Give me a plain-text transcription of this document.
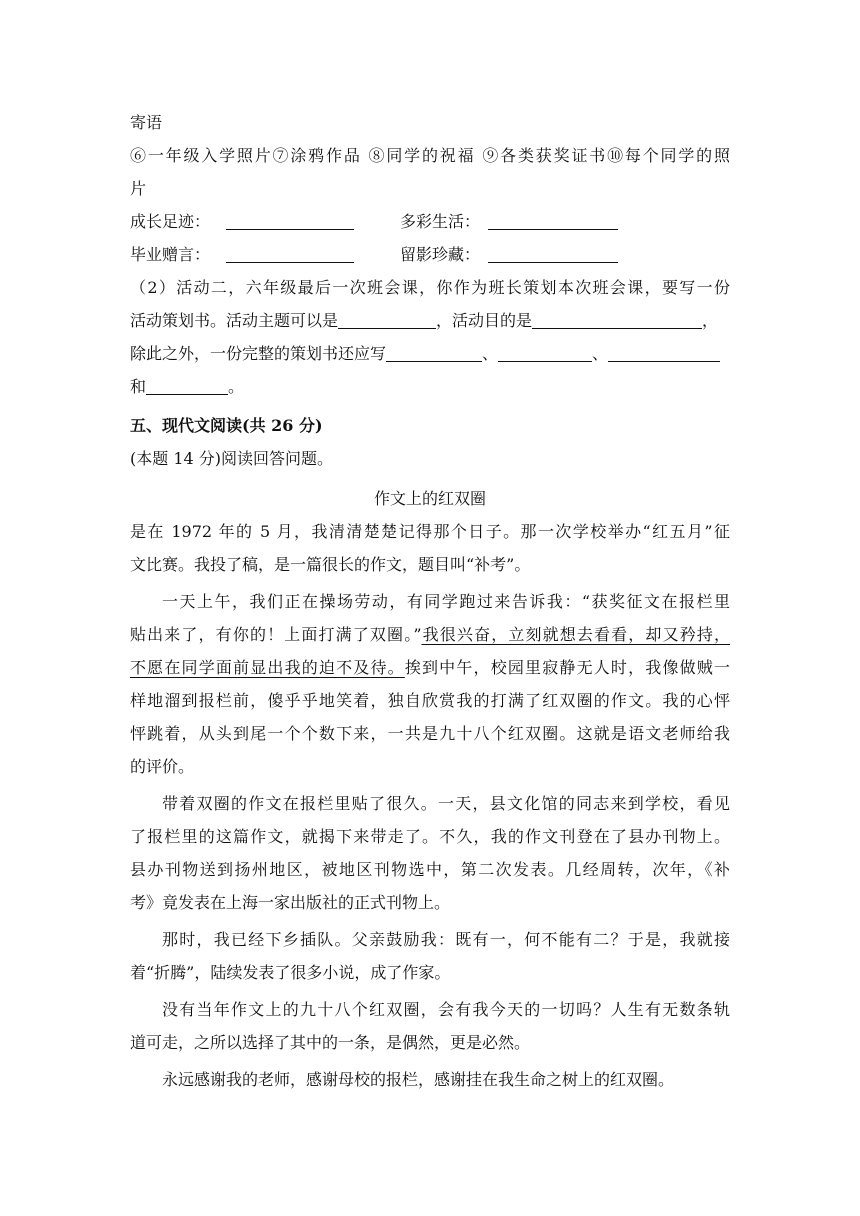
寄语
⑥一年级入学照片⑦涂鸦作品 ⑧同学的祝福 ⑨各类获奖证书⑩每个同学的照
片
成长足迹：	多彩生活：
毕业赠言：	留影珍藏：
（2）活动二，六年级最后一次班会课，你作为班长策划本次班会课，要写一份
活动策划书。活动主题可以是	，活动目的是	，
除此之外，一份完整的策划书还应写	、	、
和	。
五、现代文阅读(共 26 分)
(本题 14 分)阅读回答问题。
作文上的红双圈
是在 1972 年的 5 月，我清清楚楚记得那个日子。那一次学校举办“红五月”征
文比赛。我投了稿，是一篇很长的作文，题目叫“补考”。
一天上午，我们正在操场劳动，有同学跑过来告诉我：“获奖征文在报栏里
贴出来了，有你的！上面打满了双圈。”我很兴奋，立刻就想去看看，却又矜持，
不愿在同学面前显出我的迫不及待。挨到中午，校园里寂静无人时，我像做贼一
样地溜到报栏前，傻乎乎地笑着，独自欣赏我的打满了红双圈的作文。我的心怦
怦跳着，从头到尾一个个数下来，一共是九十八个红双圈。这就是语文老师给我
的评价。
带着双圈的作文在报栏里贴了很久。一天，县文化馆的同志来到学校，看见
了报栏里的这篇作文，就揭下来带走了。不久，我的作文刊登在了县办刊物上。
县办刊物送到扬州地区，被地区刊物选中，第二次发表。几经周转，次年，《补
考》竟发表在上海一家出版社的正式刊物上。
那时，我已经下乡插队。父亲鼓励我：既有一，何不能有二？于是，我就接
着“折腾”，陆续发表了很多小说，成了作家。
没有当年作文上的九十八个红双圈，会有我今天的一切吗？人生有无数条轨
道可走，之所以选择了其中的一条，是偶然，更是必然。
永远感谢我的老师，感谢母校的报栏，感谢挂在我生命之树上的红双圈。
